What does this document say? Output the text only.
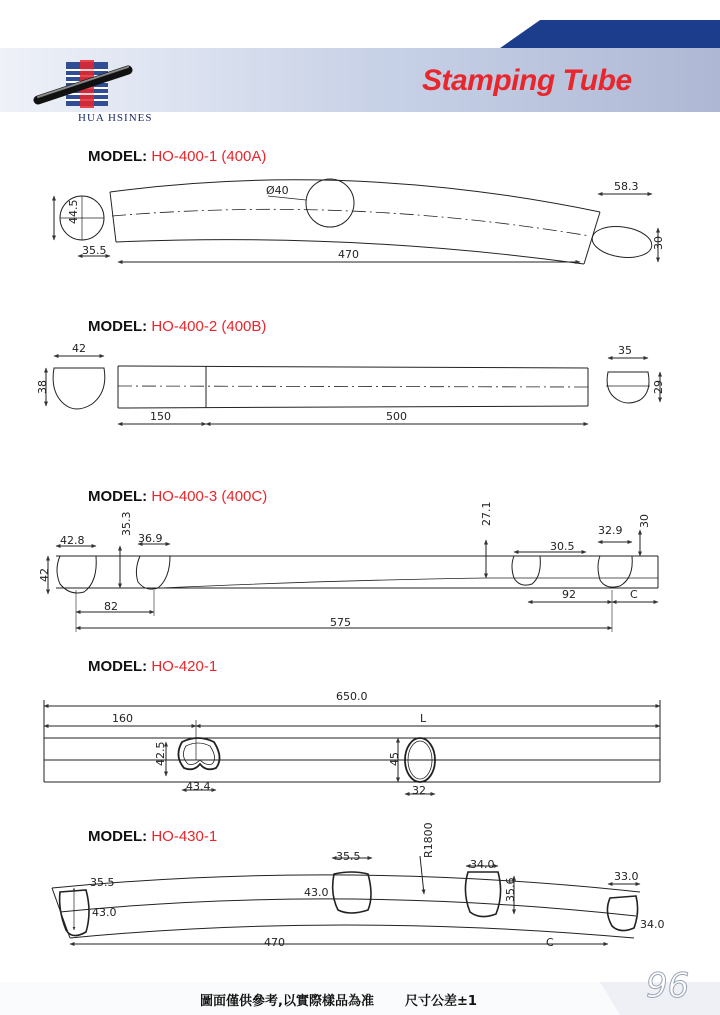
44.5
35.5
Ø40
470
58.3
30
42
38
150	500
35
29
42.8
42
35.3
36.9
82
575
27.1
30.5
32.9
30
92	C
650.0
160	L
42.5
43.4
45
32
35.5
43.0
35.5
43.0
R1800
34.0
35.6
33.0
34.0
470	C
Stamping Tube
HUA HSINES
MODEL: HO-400-1 (400A)
MODEL: HO-400-2 (400B)
MODEL: HO-400-3 (400C)
MODEL: HO-420-1
MODEL: HO-430-1
圖面僅供參考,以實際樣品為准 尺寸公差±1	96
